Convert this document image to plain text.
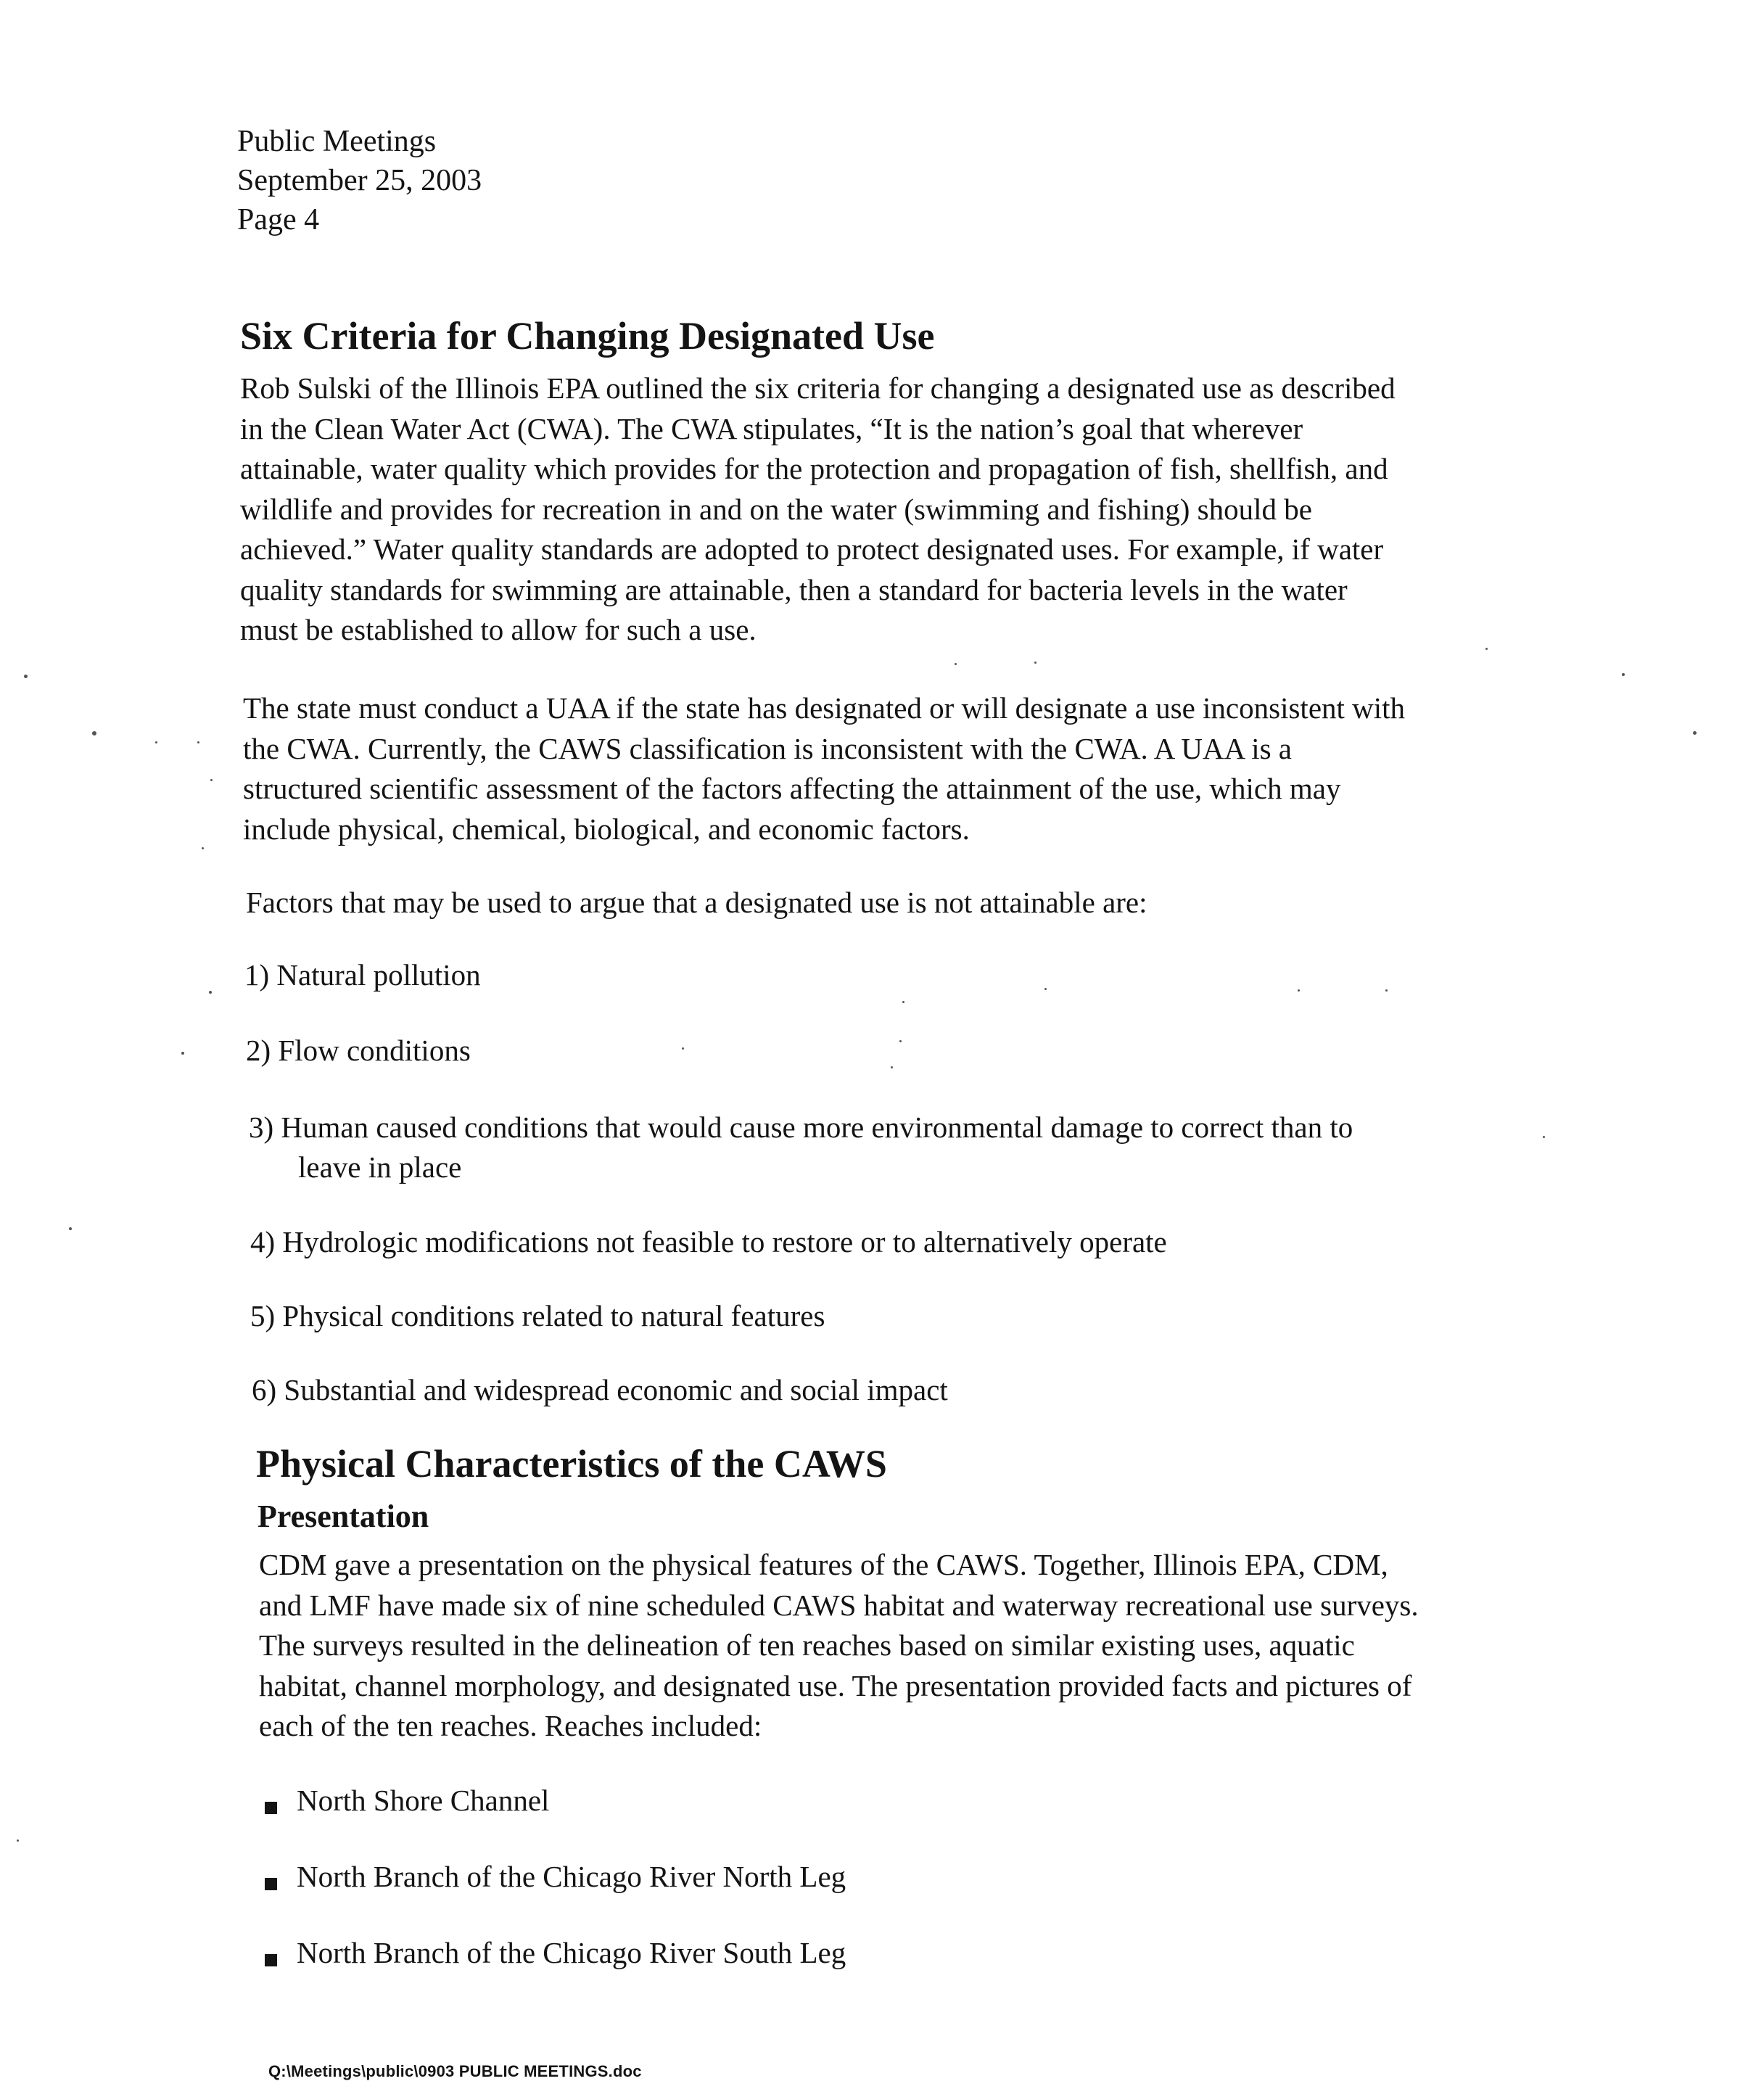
Public Meetings
September 25, 2003
Page 4
Six Criteria for Changing Designated Use
Rob Sulski of the Illinois EPA outlined the six criteria for changing a designated use as described
in the Clean Water Act (CWA). The CWA stipulates, “It is the nation’s goal that wherever
attainable, water quality which provides for the protection and propagation of fish, shellfish, and
wildlife and provides for recreation in and on the water (swimming and fishing) should be
achieved.” Water quality standards are adopted to protect designated uses. For example, if water
quality standards for swimming are attainable, then a standard for bacteria levels in the water
must be established to allow for such a use.
The state must conduct a UAA if the state has designated or will designate a use inconsistent with
the CWA. Currently, the CAWS classification is inconsistent with the CWA. A UAA is a
structured scientific assessment of the factors affecting the attainment of the use, which may
include physical, chemical, biological, and economic factors.
Factors that may be used to argue that a designated use is not attainable are:
1) Natural pollution
2) Flow conditions
3) Human caused conditions that would cause more environmental damage to correct than to
leave in place
4) Hydrologic modifications not feasible to restore or to alternatively operate
5) Physical conditions related to natural features
6) Substantial and widespread economic and social impact
Physical Characteristics of the CAWS
Presentation
CDM gave a presentation on the physical features of the CAWS. Together, Illinois EPA, CDM,
and LMF have made six of nine scheduled CAWS habitat and waterway recreational use surveys.
The surveys resulted in the delineation of ten reaches based on similar existing uses, aquatic
habitat, channel morphology, and designated use. The presentation provided facts and pictures of
each of the ten reaches. Reaches included:
North Shore Channel
North Branch of the Chicago River North Leg
North Branch of the Chicago River South Leg
Q:\Meetings\public\0903 PUBLIC MEETINGS.doc
